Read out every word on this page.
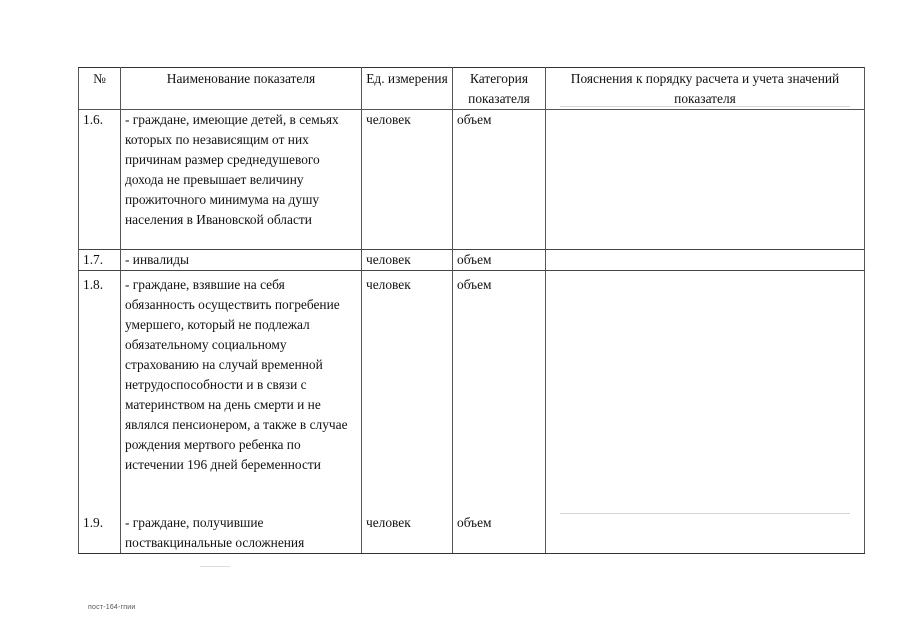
№	Наименование показателя	Ед. измерения	Категория показателя	Пояснения к порядку расчета и учета значений показателя
1.6.	- граждане, имеющие детей, в семьях которых по независящим от них причинам размер среднедушевого дохода не превышает величину прожиточного минимума на душу населения в Ивановской области	человек	объем	
1.7.	- инвалиды	человек	объем	
1.8.	- граждане, взявшие на себя обязанность осуществить погребение умершего, который не подлежал обязательному социальному страхованию на случай временной нетрудоспособности и в связи с материнством на день смерти и не являлся пенсионером, а также в случае рождения мертвого ребенка по истечении 196 дней беременности	человек	объем	
1.9.	- граждане, получившие поствакцинальные осложнения	человек	объем	
пост-164-гпии
